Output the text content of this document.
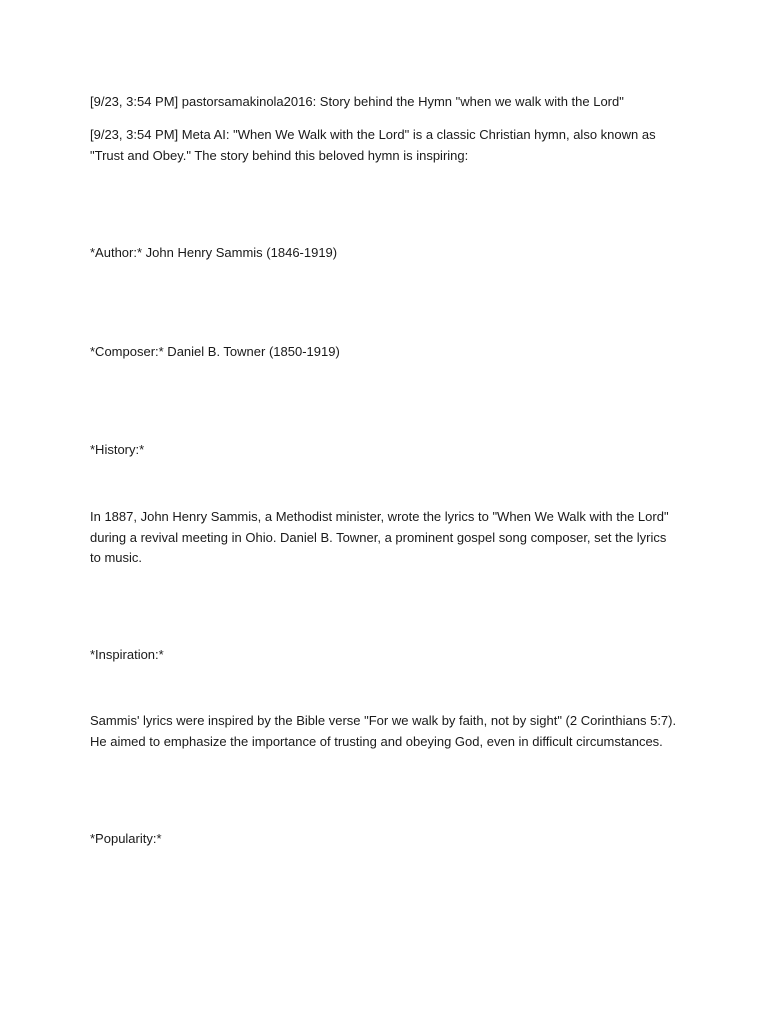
[9/23, 3:54 PM] pastorsamakinola2016: Story behind the Hymn "when we walk with the Lord"

[9/23, 3:54 PM] Meta AI: "When We Walk with the Lord" is a classic Christian hymn, also known as "Trust and Obey." The story behind this beloved hymn is inspiring:

*Author:* John Henry Sammis (1846-1919)

*Composer:* Daniel B. Towner (1850-1919)

*History:*

In 1887, John Henry Sammis, a Methodist minister, wrote the lyrics to "When We Walk with the Lord" during a revival meeting in Ohio. Daniel B. Towner, a prominent gospel song composer, set the lyrics to music.

*Inspiration:*

Sammis' lyrics were inspired by the Bible verse "For we walk by faith, not by sight" (2 Corinthians 5:7). He aimed to emphasize the importance of trusting and obeying God, even in difficult circumstances.

*Popularity:*
